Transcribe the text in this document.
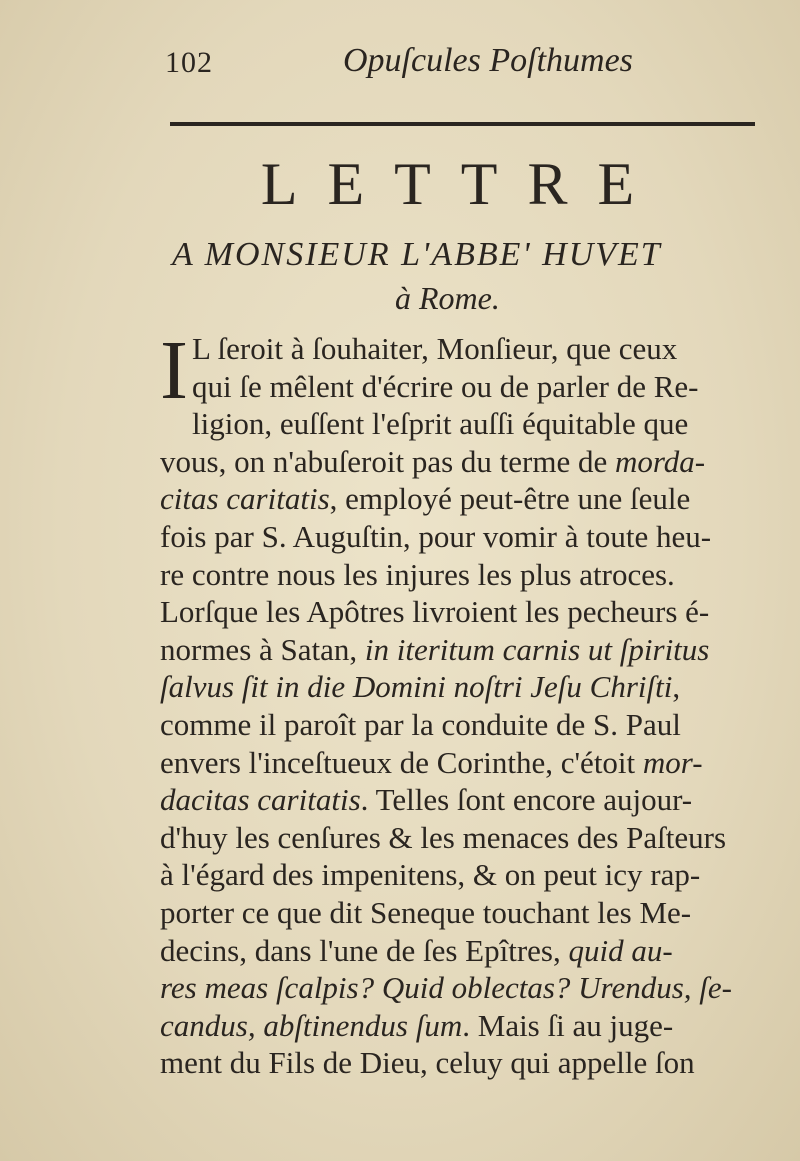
102	Opuſcules Poſthumes
LETTRE
A MONSIEUR L'ABBE' HUVET
à Rome.
I L ſeroit à ſouhaiter, Monſieur, que ceux
qui ſe mêlent d'écrire ou de parler de Re-
ligion, euſſent l'eſprit auſſi équitable que
vous, on n'abuſeroit pas du terme de morda-
citas caritatis, employé peut-être une ſeule
fois par S. Auguſtin, pour vomir à toute heu-
re contre nous les injures les plus atroces.
Lorſque les Apôtres livroient les pecheurs é-
normes à Satan, in iteritum carnis ut ſpiritus
ſalvus ſit in die Domini noſtri Jeſu Chriſti,
comme il paroît par la conduite de S. Paul
envers l'inceſtueux de Corinthe, c'étoit mor-
dacitas caritatis. Telles ſont encore aujour-
d'huy les cenſures & les menaces des Paſteurs
à l'égard des impenitens, & on peut icy rap-
porter ce que dit Seneque touchant les Me-
decins, dans l'une de ſes Epîtres, quid au-
res meas ſcalpis? Quid oblectas? Urendus, ſe-
candus, abſtinendus ſum. Mais ſi au juge-
ment du Fils de Dieu, celuy qui appelle ſon
